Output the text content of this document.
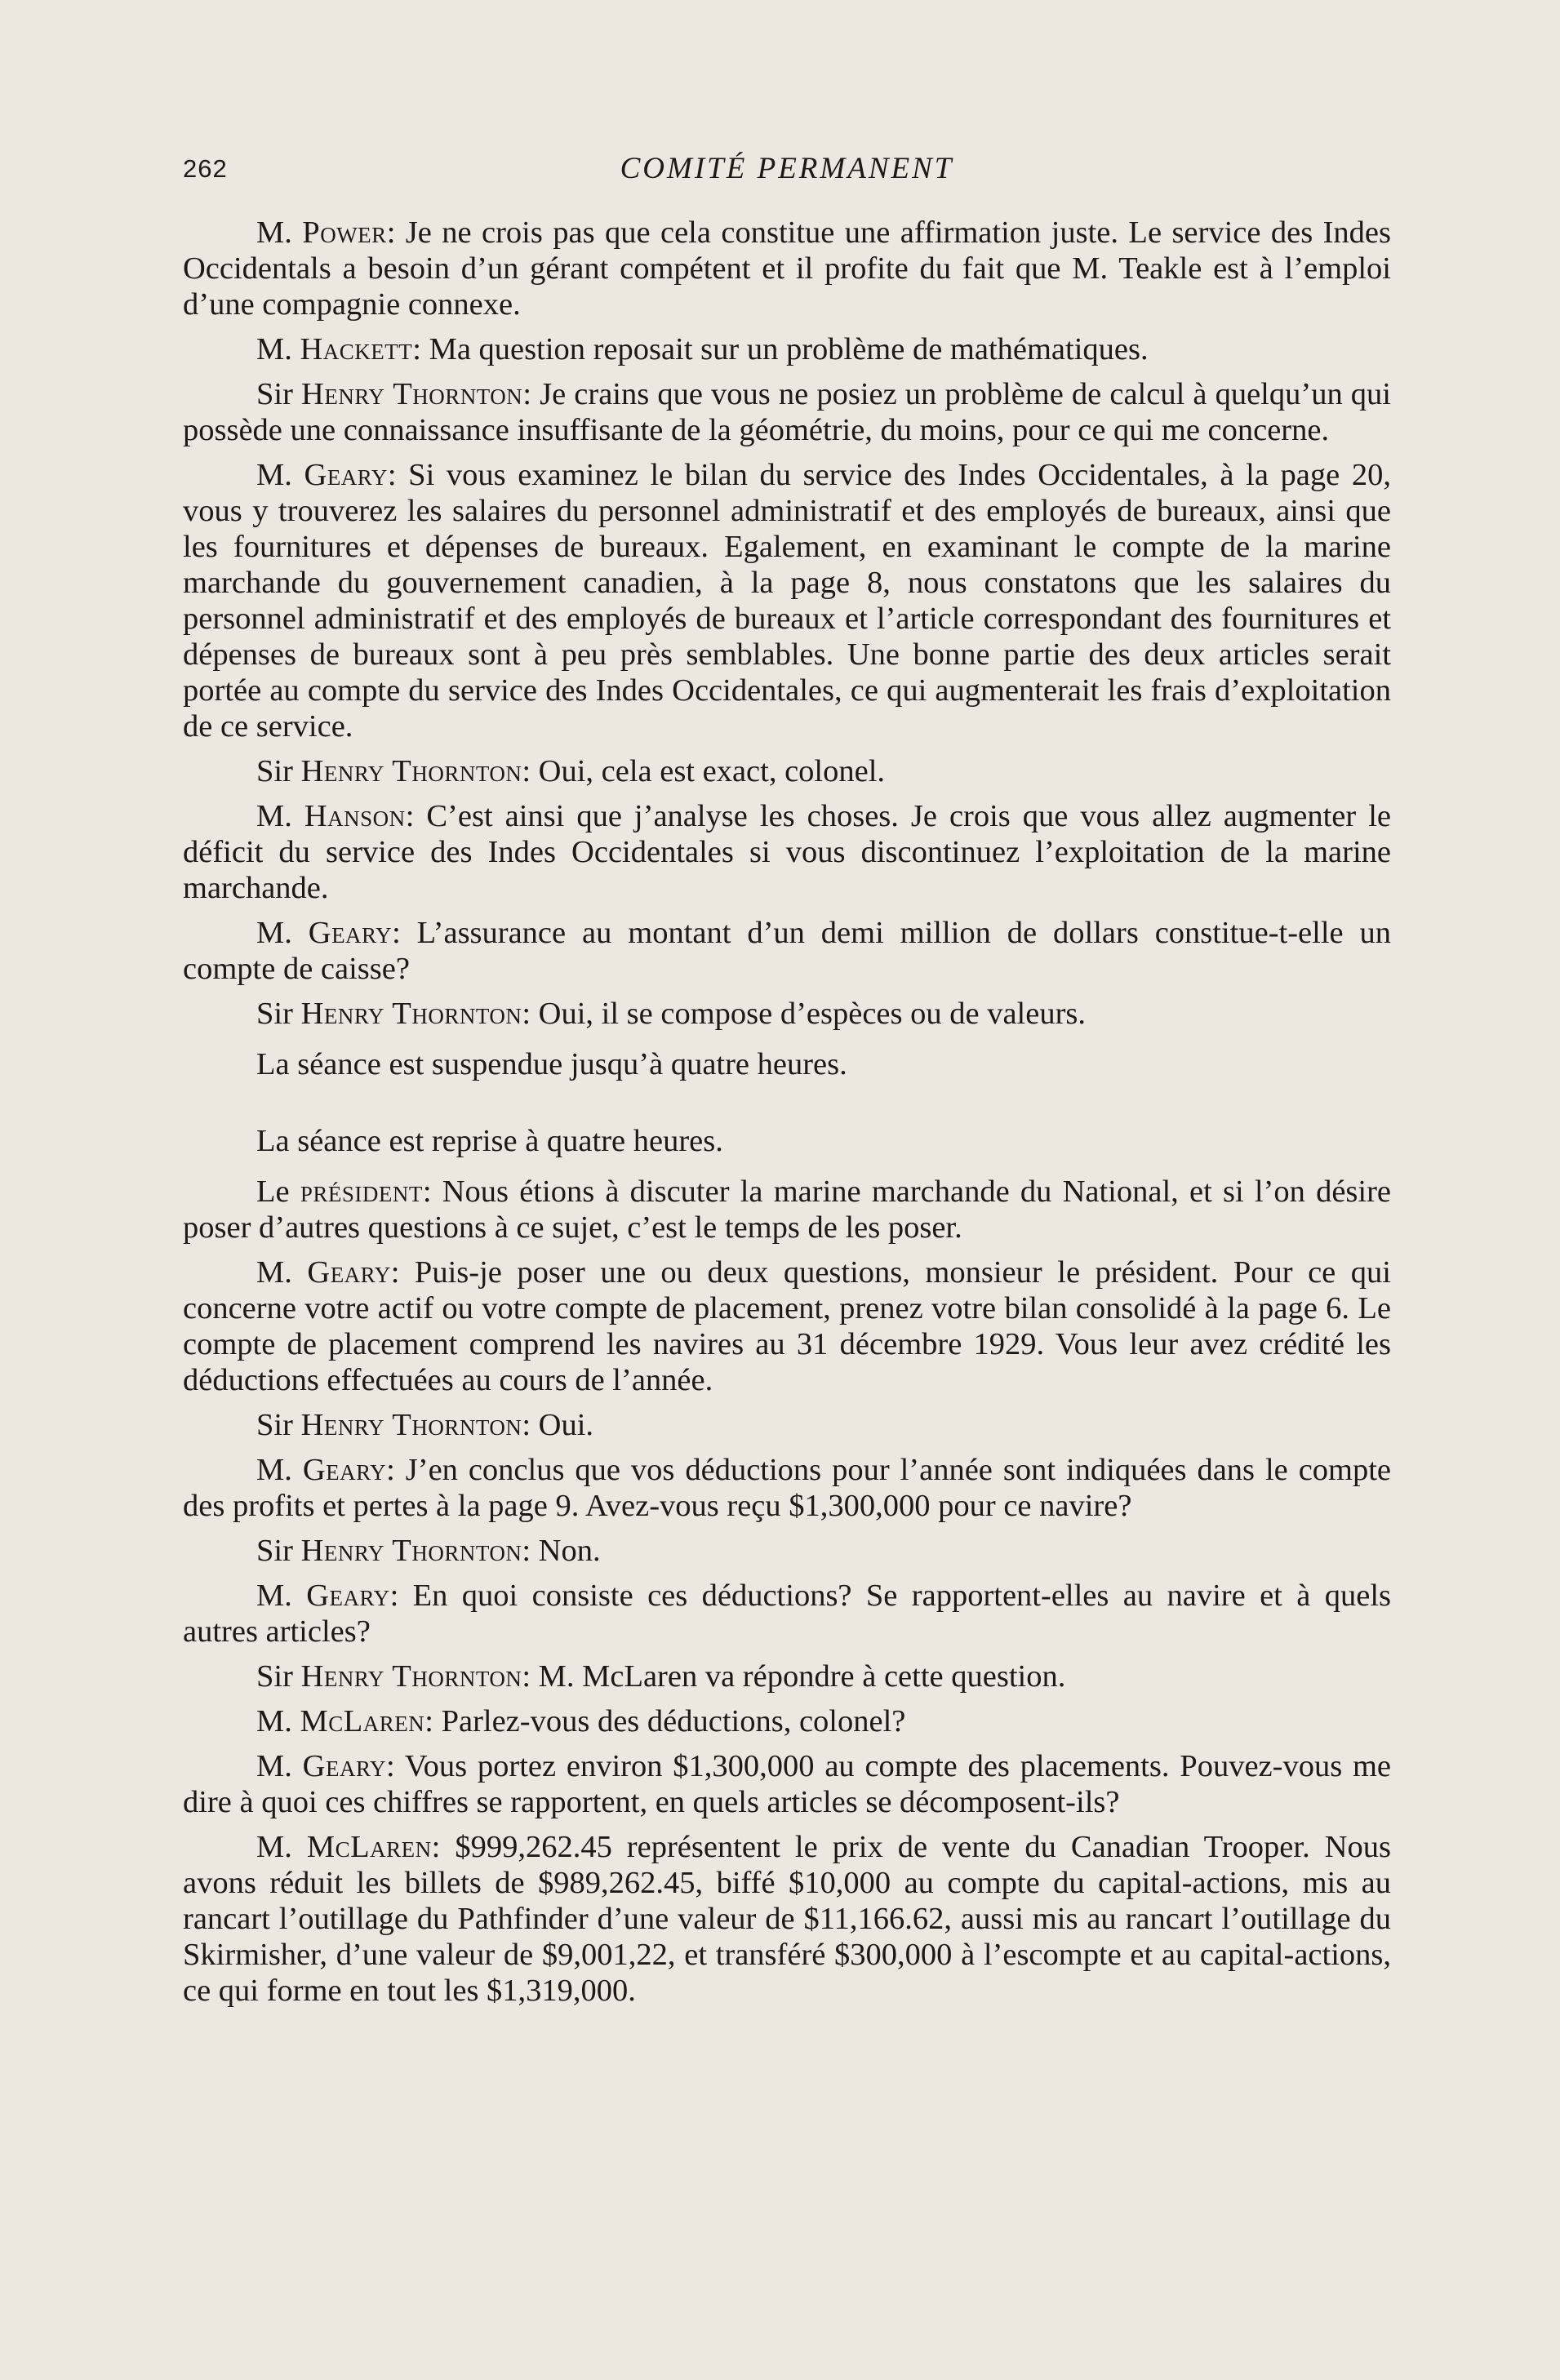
262	COMITÉ PERMANENT

M. Power: Je ne crois pas que cela constitue une affirmation juste. Le service des Indes Occidentals a besoin d’un gérant compétent et il profite du fait que M. Teakle est à l’emploi d’une compagnie connexe.

M. Hackett: Ma question reposait sur un problème de mathématiques.

Sir Henry Thornton: Je crains que vous ne posiez un problème de calcul à quelqu’un qui possède une connaissance insuffisante de la géométrie, du moins, pour ce qui me concerne.

M. Geary: Si vous examinez le bilan du service des Indes Occidentales, à la page 20, vous y trouverez les salaires du personnel administratif et des employés de bureaux, ainsi que les fournitures et dépenses de bureaux. Egalement, en examinant le compte de la marine marchande du gouvernement canadien, à la page 8, nous constatons que les salaires du personnel administratif et des employés de bureaux et l’article correspondant des fournitures et dépenses de bureaux sont à peu près semblables. Une bonne partie des deux articles serait portée au compte du service des Indes Occidentales, ce qui augmenterait les frais d’exploitation de ce service.

Sir Henry Thornton: Oui, cela est exact, colonel.

M. Hanson: C’est ainsi que j’analyse les choses. Je crois que vous allez augmenter le déficit du service des Indes Occidentales si vous discontinuez l’exploitation de la marine marchande.

M. Geary: L’assurance au montant d’un demi million de dollars constitue-t-elle un compte de caisse?

Sir Henry Thornton: Oui, il se compose d’espèces ou de valeurs.

La séance est suspendue jusqu’à quatre heures.

La séance est reprise à quatre heures.

Le président: Nous étions à discuter la marine marchande du National, et si l’on désire poser d’autres questions à ce sujet, c’est le temps de les poser.

M. Geary: Puis-je poser une ou deux questions, monsieur le président. Pour ce qui concerne votre actif ou votre compte de placement, prenez votre bilan consolidé à la page 6. Le compte de placement comprend les navires au 31 décembre 1929. Vous leur avez crédité les déductions effectuées au cours de l’année.

Sir Henry Thornton: Oui.

M. Geary: J’en conclus que vos déductions pour l’année sont indiquées dans le compte des profits et pertes à la page 9. Avez-vous reçu $1,300,000 pour ce navire?

Sir Henry Thornton: Non.

M. Geary: En quoi consiste ces déductions? Se rapportent-elles au navire et à quels autres articles?

Sir Henry Thornton: M. McLaren va répondre à cette question.

M. McLaren: Parlez-vous des déductions, colonel?

M. Geary: Vous portez environ $1,300,000 au compte des placements. Pouvez-vous me dire à quoi ces chiffres se rapportent, en quels articles se décomposent-ils?

M. McLaren: $999,262.45 représentent le prix de vente du Canadian Trooper. Nous avons réduit les billets de $989,262.45, biffé $10,000 au compte du capital-actions, mis au rancart l’outillage du Pathfinder d’une valeur de $11,166.62, aussi mis au rancart l’outillage du Skirmisher, d’une valeur de $9,001,22, et transféré $300,000 à l’escompte et au capital-actions, ce qui forme en tout les $1,319,000.
